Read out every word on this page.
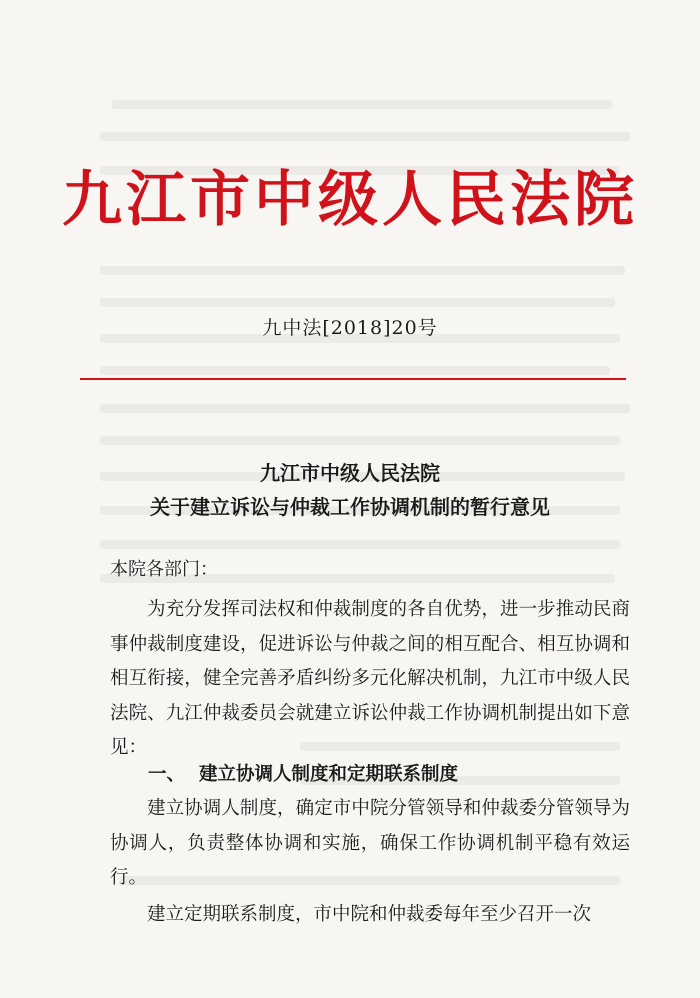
九江市中级人民法院
九中法[2018]20号
九江市中级人民法院
关于建立诉讼与仲裁工作协调机制的暂行意见
本院各部门：
为充分发挥司法权和仲裁制度的各自优势，进一步推动民商事仲裁制度建设，促进诉讼与仲裁之间的相互配合、相互协调和相互衔接，健全完善矛盾纠纷多元化解决机制，九江市中级人民法院、九江仲裁委员会就建立诉讼仲裁工作协调机制提出如下意见：
一、 建立协调人制度和定期联系制度
建立协调人制度，确定市中院分管领导和仲裁委分管领导为协调人，负责整体协调和实施，确保工作协调机制平稳有效运行。
建立定期联系制度，市中院和仲裁委每年至少召开一次
